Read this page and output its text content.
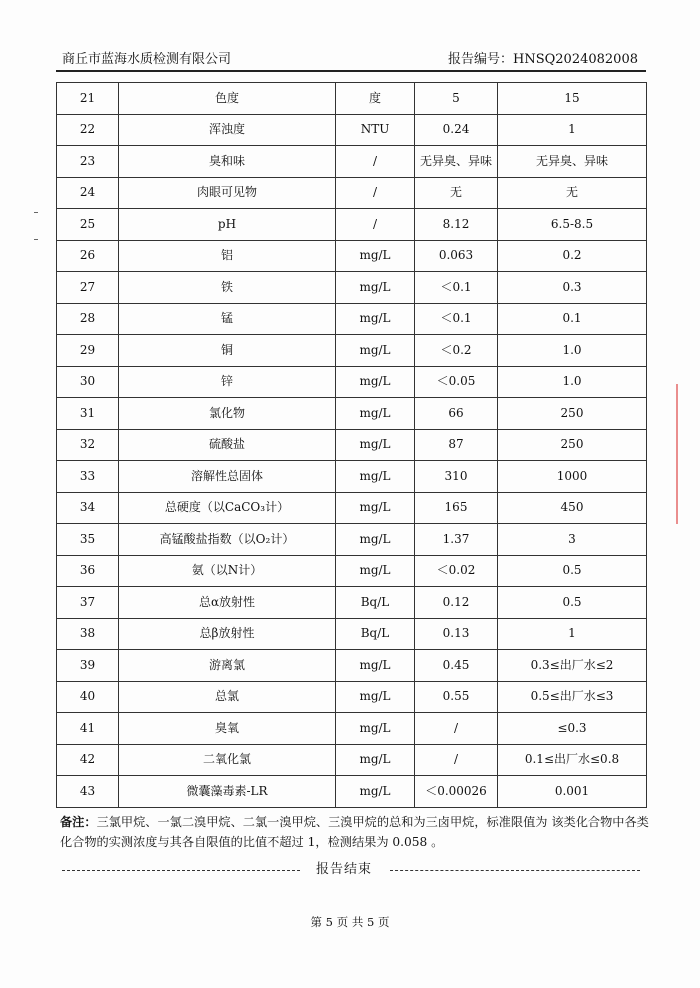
商丘市蓝海水质检测有限公司	报告编号：HNSQ2024082008
21	色度	度	5	15
22	浑浊度	NTU	0.24	1
23	臭和味	/	无异臭、异味	无异臭、异味
24	肉眼可见物	/	无	无
25	pH	/	8.12	6.5-8.5
26	铝	mg/L	0.063	0.2
27	铁	mg/L	＜0.1	0.3
28	锰	mg/L	＜0.1	0.1
29	铜	mg/L	＜0.2	1.0
30	锌	mg/L	＜0.05	1.0
31	氯化物	mg/L	66	250
32	硫酸盐	mg/L	87	250
33	溶解性总固体	mg/L	310	1000
34	总硬度（以CaCO₃计）	mg/L	165	450
35	高锰酸盐指数（以O₂计）	mg/L	1.37	3
36	氨（以N计）	mg/L	＜0.02	0.5
37	总α放射性	Bq/L	0.12	0.5
38	总β放射性	Bq/L	0.13	1
39	游离氯	mg/L	0.45	0.3≤出厂水≤2
40	总氯	mg/L	0.55	0.5≤出厂水≤3
41	臭氧	mg/L	/	≤0.3
42	二氧化氯	mg/L	/	0.1≤出厂水≤0.8
43	微囊藻毒素-LR	mg/L	＜0.00026	0.001
备注：三氯甲烷、一氯二溴甲烷、二氯一溴甲烷、三溴甲烷的总和为三卤甲烷，标准限值为 该类化合物中各类化合物的实测浓度与其各自限值的比值不超过 1，检测结果为 0.058 。
报告结束
第 5 页 共 5 页
